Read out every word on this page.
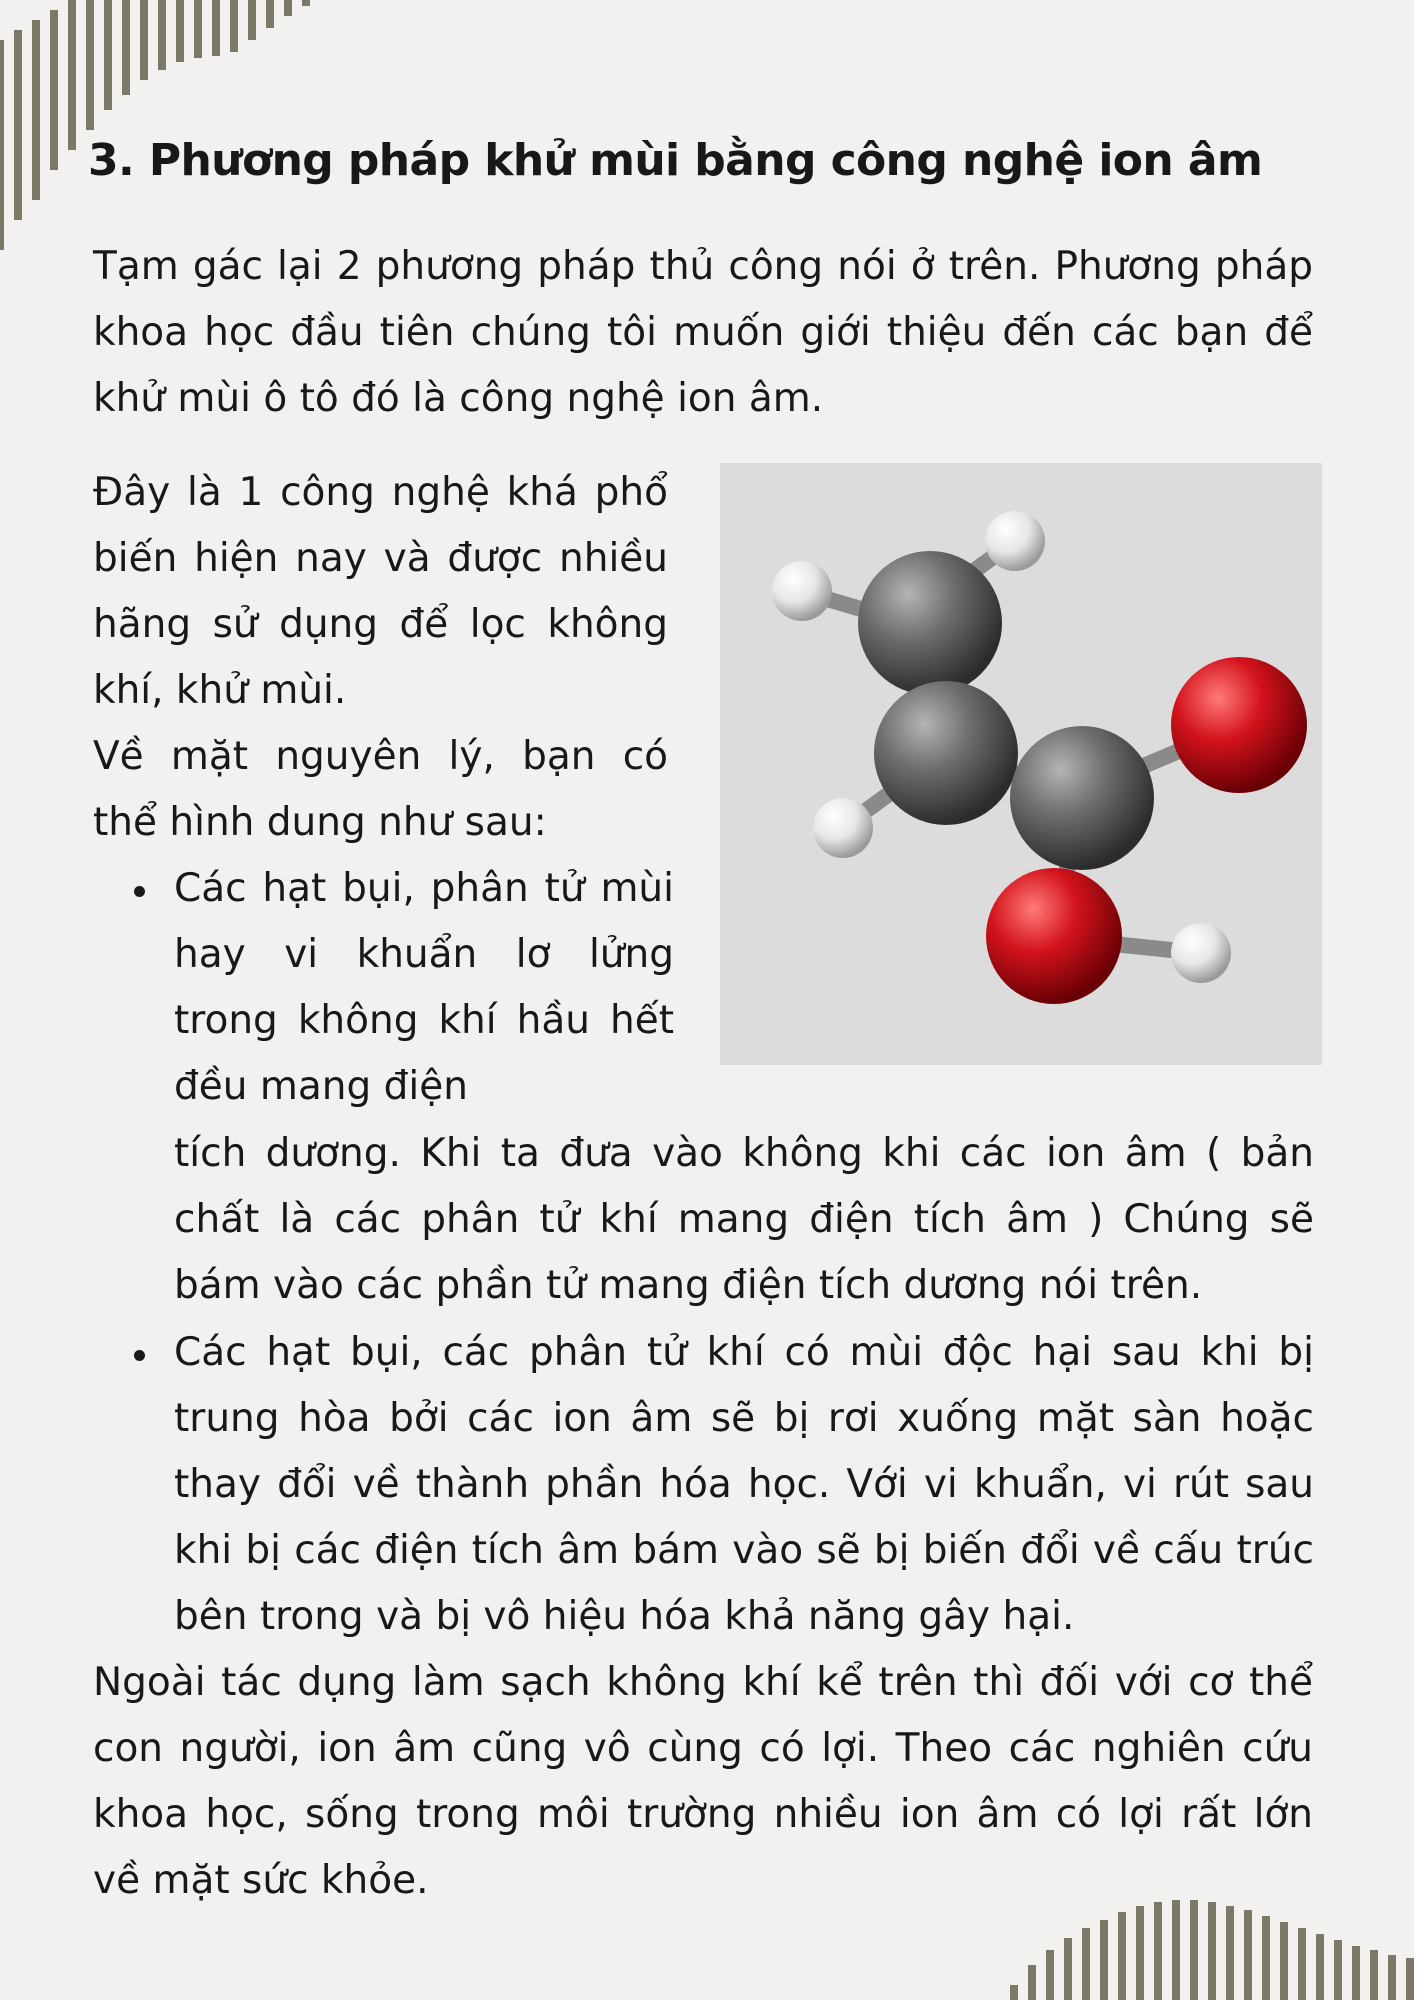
3. Phương pháp khử mùi bằng công nghệ ion âm

Tạm gác lại 2 phương pháp thủ công nói ở trên. Phương pháp khoa học đầu tiên chúng tôi muốn giới thiệu đến các bạn để khử mùi ô tô đó là công nghệ ion âm.

Đây là 1 công nghệ khá phổ biến hiện nay và được nhiều hãng sử dụng để lọc không khí, khử mùi.

Về mặt nguyên lý, bạn có thể hình dung như sau:

Các hạt bụi, phân tử mùi hay vi khuẩn lơ lửng trong không khí hầu hết đều mang điện

tích dương. Khi ta đưa vào không khi các ion âm ( bản chất là các phân tử khí mang điện tích âm ) Chúng sẽ bám vào các phần tử mang điện tích dương nói trên.

Các hạt bụi, các phân tử khí có mùi độc hại sau khi bị trung hòa bởi các ion âm sẽ bị rơi xuống mặt sàn hoặc thay đổi về thành phần hóa học. Với vi khuẩn, vi rút sau khi bị các điện tích âm bám vào sẽ bị biến đổi về cấu trúc bên trong và bị vô hiệu hóa khả năng gây hại.

Ngoài tác dụng làm sạch không khí kể trên thì đối với cơ thể con người, ion âm cũng vô cùng có lợi. Theo các nghiên cứu khoa học, sống trong môi trường nhiều ion âm có lợi rất lớn về mặt sức khỏe.
